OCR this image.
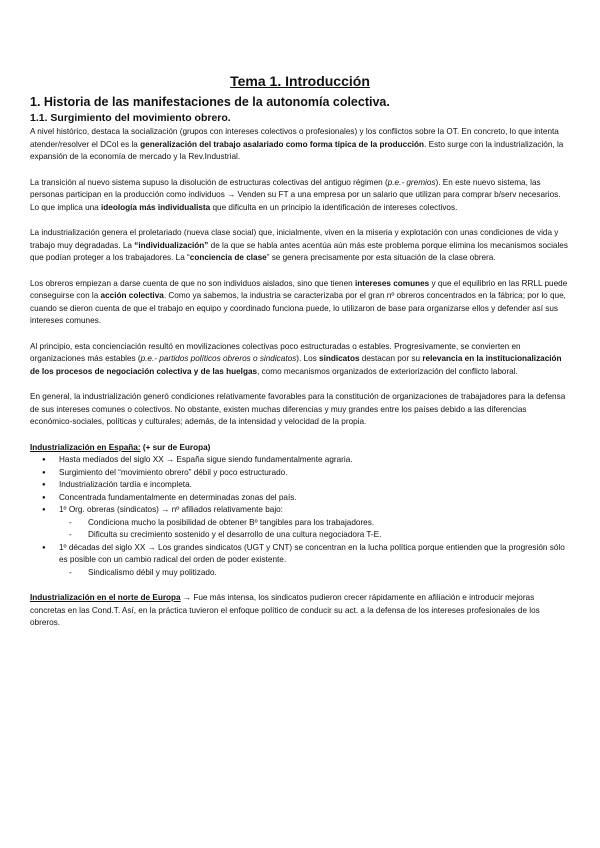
Tema 1. Introducción
1. Historia de las manifestaciones de la autonomía colectiva.
1.1. Surgimiento del movimiento obrero.

A nivel histórico, destaca la socialización (grupos con intereses colectivos o profesionales) y los conflictos sobre la OT. En concreto, lo que intenta atender/resolver el DCol es la generalización del trabajo asalariado como forma típica de la producción. Esto surge con la industrialización, la expansión de la economía de mercado y la Rev.Industrial.

La transición al nuevo sistema supuso la disolución de estructuras colectivas del antiguo régimen (p.e.- gremios). En este nuevo sistema, las personas participan en la producción como individuos → Venden su FT a una empresa por un salario que utilizan para comprar b/serv necesarios. Lo que implica una ideología más individualista que dificulta en un principio la identificación de intereses colectivos.

La industrialización genera el proletariado (nueva clase social) que, inicialmente, viven en la miseria y explotación con unas condiciones de vida y trabajo muy degradadas. La “individualización” de la que se habla antes acentúa aún más este problema porque elimina los mecanismos sociales que podían proteger a los trabajadores. La “conciencia de clase” se genera precisamente por esta situación de la clase obrera.

Los obreros empiezan a darse cuenta de que no son individuos aislados, sino que tienen intereses comunes y que el equilibrio en las RRLL puede conseguirse con la acción colectiva. Como ya sabemos, la industria se caracterizaba por el gran nº obreros concentrados en la fábrica; por lo que, cuando se dieron cuenta de que el trabajo en equipo y coordinado funciona puede, lo utilizaron de base para organizarse ellos y defender así sus intereses comunes.

Al principio, esta concienciación resultó en movilizaciones colectivas poco estructuradas o estables. Progresivamente, se convierten en organizaciones más estables (p.e.- partidos políticos obreros o sindicatos). Los sindicatos destacan por su relevancia en la institucionalización de los procesos de negociación colectiva y de las huelgas, como mecanismos organizados de exteriorización del conflicto laboral.

En general, la industrialización generó condiciones relativamente favorables para la constitución de organizaciones de trabajadores para la defensa de sus intereses comunes o colectivos. No obstante, existen muchas diferencias y muy grandes entre los países debido a las diferencias económico-sociales, políticas y culturales; además, de la intensidad y velocidad de la propia.

Industrialización en España: (+ sur de Europa)

● Hasta mediados del siglo XX → España sigue siendo fundamentalmente agraria.
● Surgimiento del “movimiento obrero” débil y poco estructurado.
● Industrialización tardía e incompleta.
● Concentrada fundamentalmente en determinadas zonas del país.
● 1º Org. obreras (sindicatos) → nº afiliados relativamente bajo:
- Condiciona mucho la posibilidad de obtener Bº tangibles para los trabajadores.
- Dificulta su crecimiento sostenido y el desarrollo de una cultura negociadora T-E.
● 1º décadas del siglo XX → Los grandes sindicatos (UGT y CNT) se concentran en la lucha política porque entienden que la progresión sólo es posible con un cambio radical del orden de poder existente.
- Sindicalismo débil y muy politizado.

Industrialización en el norte de Europa → Fue más intensa, los sindicatos pudieron crecer rápidamente en afiliación e introducir mejoras concretas en las Cond.T. Así, en la práctica tuvieron el enfoque político de conducir su act. a la defensa de los intereses profesionales de los obreros.
